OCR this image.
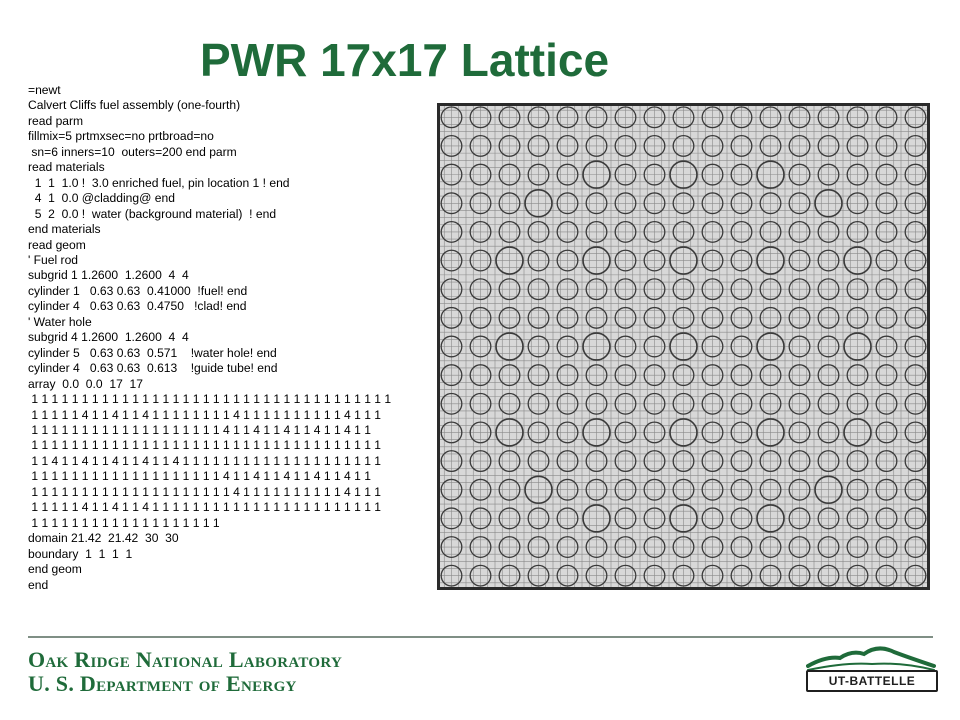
PWR 17x17 Lattice
=newt
Calvert Cliffs fuel assembly (one-fourth)
read parm
fillmix=5 prtmxsec=no prtbroad=no
sn=6 inners=10  outers=200 end parm
read materials
1  1  1.0 !  3.0 enriched fuel, pin location 1 ! end
4  1  0.0 @cladding@ end
5  2  0.0 !  water (background material)  ! end
end materials
read geom
' Fuel rod
subgrid 1 1.2600  1.2600  4  4
cylinder 1   0.63 0.63  0.41000  !fuel! end
cylinder 4   0.63 0.63  0.4750   !clad! end
' Water hole
subgrid 4 1.2600  1.2600  4  4
cylinder 5   0.63 0.63  0.571    !water hole! end
cylinder 4   0.63 0.63  0.613    !guide tube! end
array  0.0  0.0  17  17
1 1 1 1 1 1 1 1 1 1 1 1 1 1 1 1 1 1 1 1 1 1 1 1 1 1 1 1 1 1 1 1 1 1 1 1
1 1 1 1 1 4 1 1 4 1 1 4 1 1 1 1 1 1 1 1 4 1 1 1 1 1 1 1 1 1 1 4 1 1 1
1 1 1 1 1 1 1 1 1 1 1 1 1 1 1 1 1 1 1 4 1 1 4 1 1 4 1 1 4 1 1 4 1 1
1 1 1 1 1 1 1 1 1 1 1 1 1 1 1 1 1 1 1 1 1 1 1 1 1 1 1 1 1 1 1 1 1 1 1
1 1 4 1 1 4 1 1 4 1 1 4 1 1 4 1 1 1 1 1 1 1 1 1 1 1 1 1 1 1 1 1 1 1 1
1 1 1 1 1 1 1 1 1 1 1 1 1 1 1 1 1 1 1 4 1 1 4 1 1 4 1 1 4 1 1 4 1 1
1 1 1 1 1 1 1 1 1 1 1 1 1 1 1 1 1 1 1 1 4 1 1 1 1 1 1 1 1 1 1 4 1 1 1
1 1 1 1 1 4 1 1 4 1 1 4 1 1 1 1 1 1 1 1 1 1 1 1 1 1 1 1 1 1 1 1 1 1 1
1 1 1 1 1 1 1 1 1 1 1 1 1 1 1 1 1 1 1
domain 21.42  21.42  30  30
boundary  1  1  1  1
end geom
end
Oak Ridge National Laboratory
U. S. Department of Energy	UT-BATTELLE
